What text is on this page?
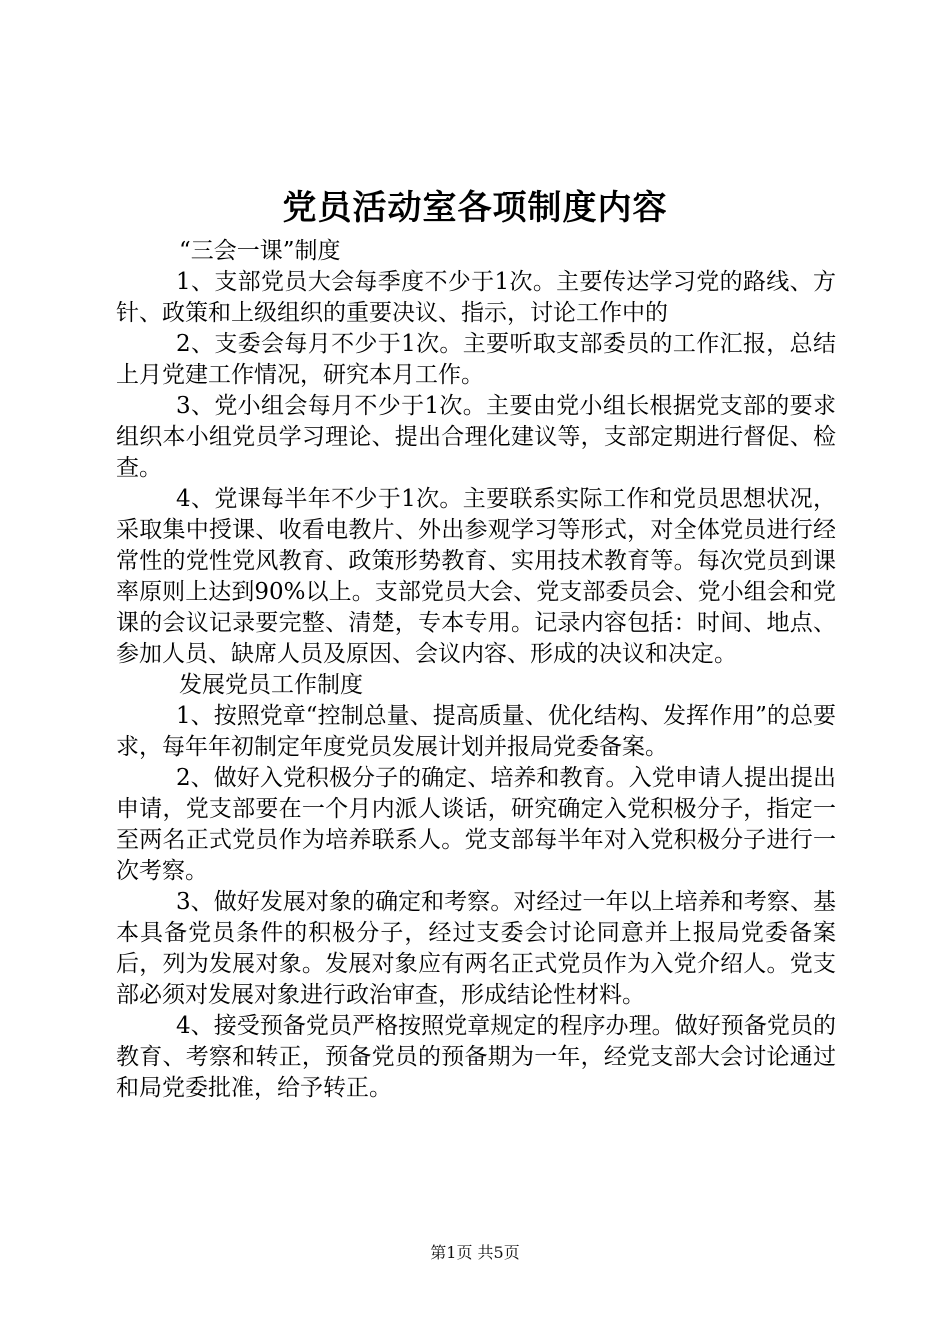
党员活动室各项制度内容

“三会一课”制度

1、支部党员大会每季度不少于1次。主要传达学习党的路线、方针、政策和上级组织的重要决议、指示，讨论工作中的

2、支委会每月不少于1次。主要听取支部委员的工作汇报，总结上月党建工作情况，研究本月工作。

3、党小组会每月不少于1次。主要由党小组长根据党支部的要求组织本小组党员学习理论、提出合理化建议等，支部定期进行督促、检查。

4、党课每半年不少于1次。主要联系实际工作和党员思想状况，采取集中授课、收看电教片、外出参观学习等形式，对全体党员进行经常性的党性党风教育、政策形势教育、实用技术教育等。每次党员到课率原则上达到90%以上。支部党员大会、党支部委员会、党小组会和党课的会议记录要完整、清楚，专本专用。记录内容包括：时间、地点、参加人员、缺席人员及原因、会议内容、形成的决议和决定。

发展党员工作制度

1、按照党章“控制总量、提高质量、优化结构、发挥作用”的总要求，每年年初制定年度党员发展计划并报局党委备案。

2、做好入党积极分子的确定、培养和教育。入党申请人提出提出申请，党支部要在一个月内派人谈话，研究确定入党积极分子，指定一至两名正式党员作为培养联系人。党支部每半年对入党积极分子进行一次考察。

3、做好发展对象的确定和考察。对经过一年以上培养和考察、基本具备党员条件的积极分子，经过支委会讨论同意并上报局党委备案后，列为发展对象。发展对象应有两名正式党员作为入党介绍人。党支部必须对发展对象进行政治审查，形成结论性材料。

4、接受预备党员严格按照党章规定的程序办理。做好预备党员的教育、考察和转正，预备党员的预备期为一年，经党支部大会讨论通过和局党委批准，给予转正。

第1页 共5页
